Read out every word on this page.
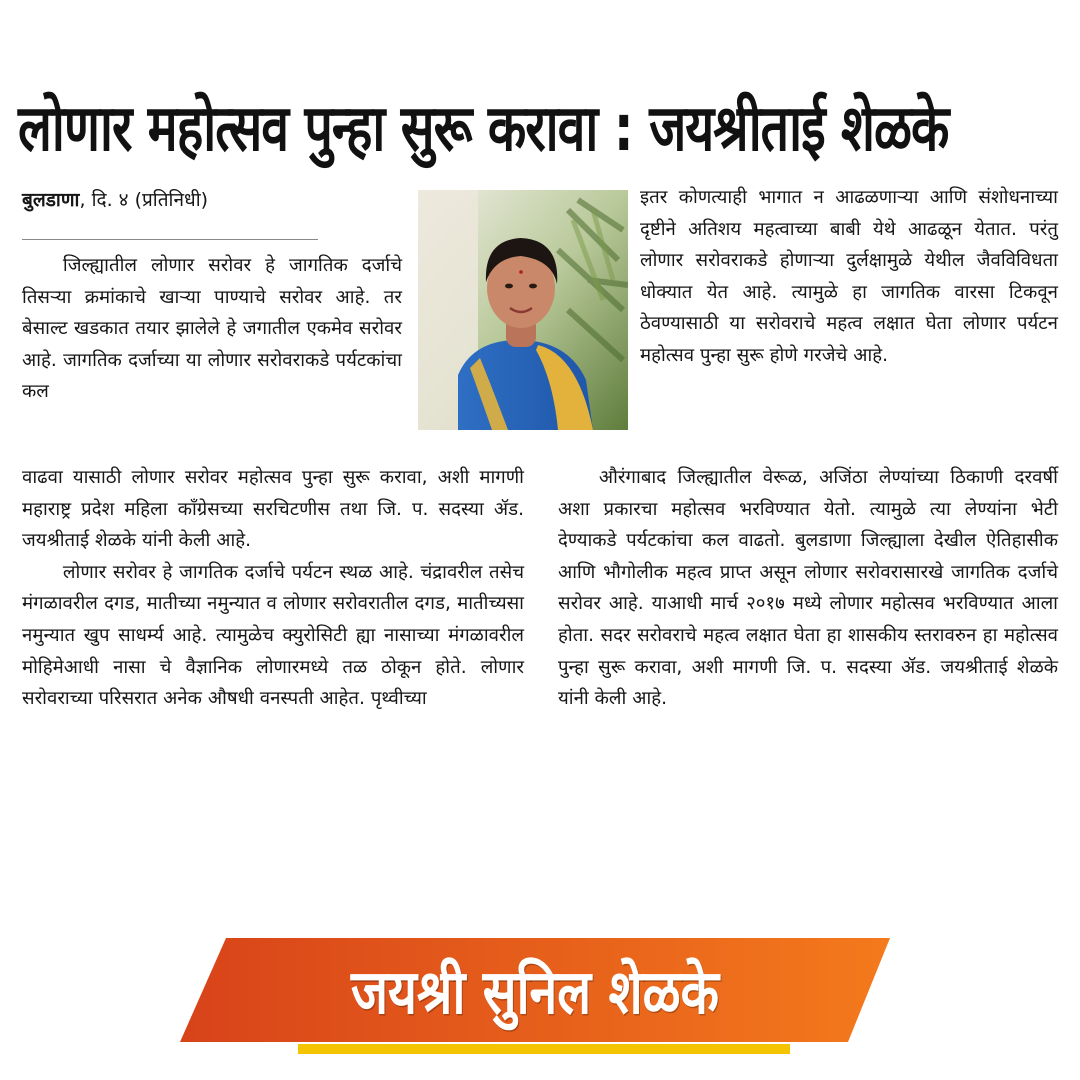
लोणार महोत्सव पुन्हा सुरू करावा : जयश्रीताई शेळके
बुलडाणा, दि. ४ (प्रतिनिधी)

जिल्ह्यातील लोणार सरोवर हे जागतिक दर्जाचे तिसऱ्या क्रमांकाचे खाऱ्या पाण्याचे सरोवर आहे. तर बेसाल्ट खडकात तयार झालेले हे जगातील एकमेव सरोवर आहे. जागतिक दर्जाच्या या लोणार सरोवराकडे पर्यटकांचा कल

वाढवा यासाठी लोणार सरोवर महोत्सव पुन्हा सुरू करावा, अशी मागणी महाराष्ट्र प्रदेश महिला काँग्रेसच्या सरचिटणीस तथा जि. प. सदस्या ॲड. जयश्रीताई शेळके यांनी केली आहे.

लोणार सरोवर हे जागतिक दर्जाचे पर्यटन स्थळ आहे. चंद्रावरील तसेच मंगळावरील दगड, मातीच्या नमुन्यात व लोणार सरोवरातील दगड, मातीच्यसा नमुन्यात खुप साधर्म्य आहे. त्यामुळेच क्युरोसिटी ह्या नासाच्या मंगळावरील मोहिमेआधी नासा चे वैज्ञानिक लोणारमध्ये तळ ठोकून होते. लोणार सरोवराच्या परिसरात अनेक औषधी वनस्पती आहेत. पृथ्वीच्या

इतर कोणत्याही भागात न आढळणाऱ्या आणि संशोधनाच्या दृष्टीने अतिशय महत्वाच्या बाबी येथे आढळून येतात. परंतु लोणार सरोवराकडे होणाऱ्या दुर्लक्षामुळे येथील जैवविविधता धोक्यात येत आहे. त्यामुळे हा जागतिक वारसा टिकवून ठेवण्यासाठी या सरोवराचे महत्व लक्षात घेता लोणार पर्यटन महोत्सव पुन्हा सुरू होणे गरजेचे आहे.

औरंगाबाद जिल्ह्यातील वेरूळ, अजिंठा लेण्यांच्या ठिकाणी दरवर्षी अशा प्रकारचा महोत्सव भरविण्यात येतो. त्यामुळे त्या लेण्यांना भेटी देण्याकडे पर्यटकांचा कल वाढतो. बुलडाणा जिल्ह्याला देखील ऐतिहासीक आणि भौगोलीक महत्व प्राप्त असून लोणार सरोवरासारखे जागतिक दर्जाचे सरोवर आहे. याआधी मार्च २०१७ मध्ये लोणार महोत्सव भरविण्यात आला होता. सदर सरोवराचे महत्व लक्षात घेता हा शासकीय स्तरावरुन हा महोत्सव पुन्हा सुरू करावा, अशी मागणी जि. प. सदस्या ॲड. जयश्रीताई शेळके यांनी केली आहे.

जयश्री सुनिल शेळके
